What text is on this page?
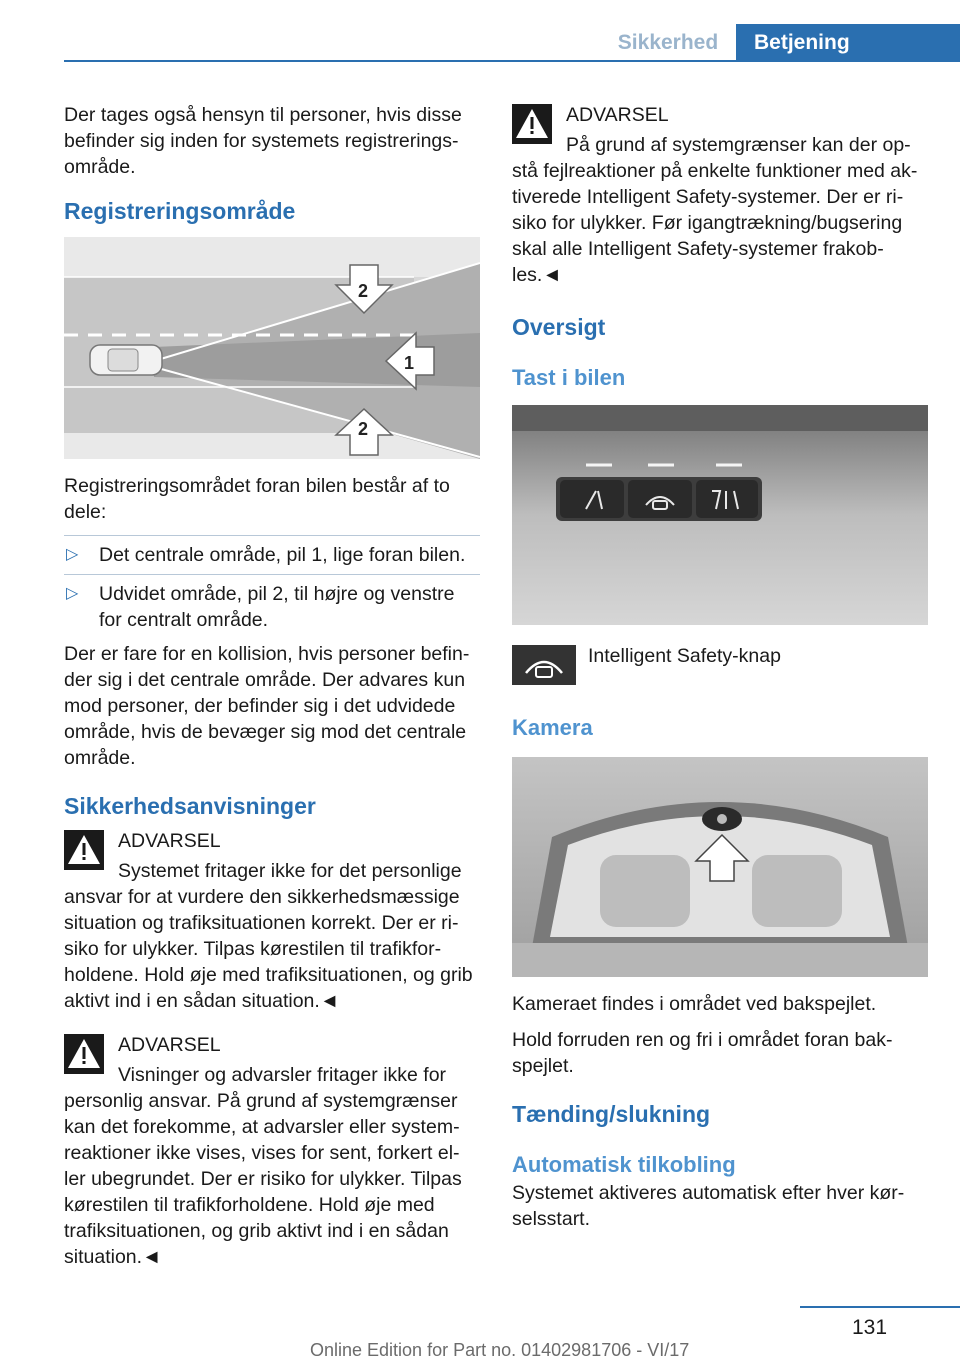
Sikkerhed	Betjening

Der tages også hensyn til personer, hvis disse befinder sig inden for systemets registrerings-område.

Registreringsområde
1
2
2

Registreringsområdet foran bilen består af to dele:

▷ Det centrale område, pil 1, lige foran bilen.
▷ Udvidet område, pil 2, til højre og venstre for centralt område.

Der er fare for en kollision, hvis personer befin-der sig i det centrale område. Der advares kun mod personer, der befinder sig i det udvidede område, hvis de bevæger sig mod det centrale område.

Sikkerhedsanvisninger
ADVARSEL

Systemet fritager ikke for det personlige ansvar for at vurdere den sikkerhedsmæssige situation og trafiksituationen korrekt. Der er ri-siko for ulykker. Tilpas kørestilen til trafikfor-holdene. Hold øje med trafiksituationen, og grib aktivt ind i en sådan situation.◄

ADVARSEL

Visninger og advarsler fritager ikke for personlig ansvar. På grund af systemgrænser kan det forekomme, at advarsler eller system-reaktioner ikke vises, vises for sent, forkert el-ler ubegrundet. Der er risiko for ulykker. Tilpas kørestilen til trafikforholdene. Hold øje med trafiksituationen, og grib aktivt ind i en sådan situation.◄

ADVARSEL

På grund af systemgrænser kan der op-stå fejlreaktioner på enkelte funktioner med ak-tiverede Intelligent Safety-systemer. Der er ri-siko for ulykker. Før igangtrækning/bugsering skal alle Intelligent Safety-systemer frakob-les.◄

Oversigt
Tast i bilen
Intelligent Safety-knap
Kamera

Kameraet findes i området ved bakspejlet.

Hold forruden ren og fri i området foran bak-spejlet.

Tænding/slukning
Automatisk tilkobling

Systemet aktiveres automatisk efter hver kør-selsstart.

131
Online Edition for Part no. 01402981706 - VI/17
